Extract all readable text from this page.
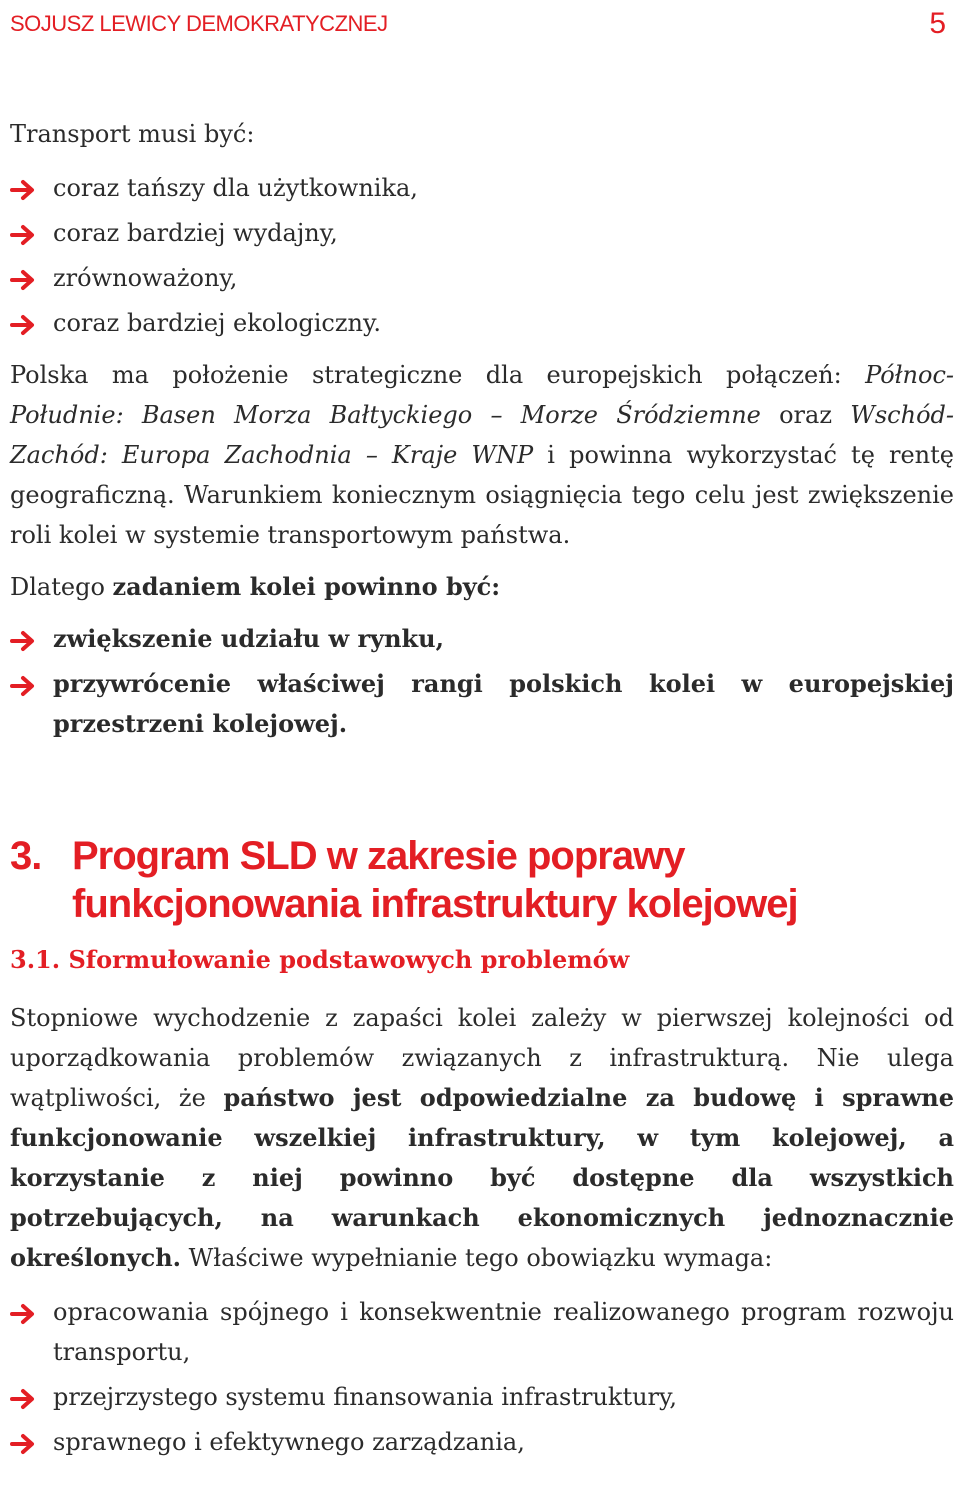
SOJUSZ LEWICY DEMOKRATYCZNEJ	5

Transport musi być:

coraz tańszy dla użytkownika,
coraz bardziej wydajny,
zrównoważony,
coraz bardziej ekologiczny.

Polska ma położenie strategiczne dla europejskich połączeń: Północ-Południe: Basen Morza Bałtyckiego – Morze Śródziemne oraz Wschód-Zachód: Europa Zachodnia – Kraje WNP i powinna wykorzystać tę rentę geograficzną. Warunkiem koniecznym osiągnięcia tego celu jest zwiększenie roli kolei w systemie transportowym państwa.

Dlatego zadaniem kolei powinno być:

zwiększenie udziału w rynku,
przywrócenie właściwej rangi polskich kolei w europejskiej przestrzeni kolejowej.
3. Program SLD w zakresie poprawy funkcjonowania infrastruktury kolejowej
3.1. Sformułowanie podstawowych problemów

Stopniowe wychodzenie z zapaści kolei zależy w pierwszej kolejności od uporządkowania problemów związanych z infrastrukturą. Nie ulega wątpliwości, że państwo jest odpowiedzialne za budowę i sprawne funkcjonowanie wszelkiej infrastruktury, w tym kolejowej, a korzystanie z niej powinno być dostępne dla wszystkich potrzebujących, na warunkach ekonomicznych jednoznacznie określonych. Właściwe wypełnianie tego obowiązku wymaga:

opracowania spójnego i konsekwentnie realizowanego program rozwoju transportu,
przejrzystego systemu finansowania infrastruktury,
sprawnego i efektywnego zarządzania,
